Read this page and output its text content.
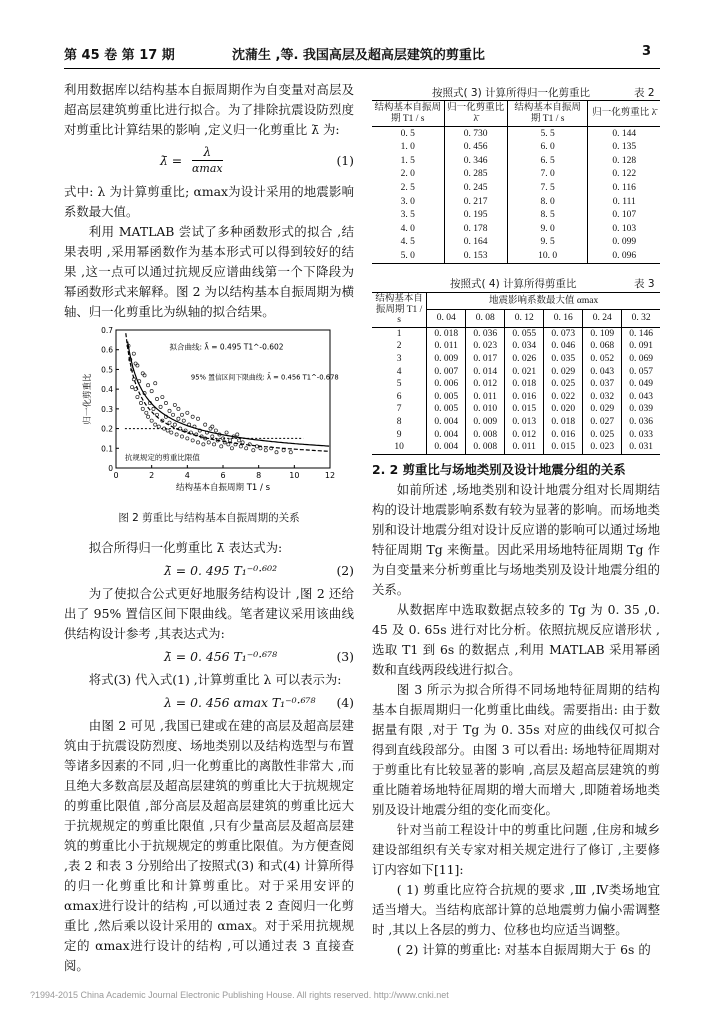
第 45 卷 第 17 期	沈蒲生 ,等. 我国高层及超高层建筑的剪重比	3

利用数据库以结构基本自振周期作为自变量对高层及超高层建筑剪重比进行拟合。为了排除抗震设防烈度对剪重比计算结果的影响 ,定义归一化剪重比 λ̄ 为:

λ̄ =
λ
αmax
(1)

式中: λ 为计算剪重比; αmax为设计采用的地震影响系数最大值。

利用 MATLAB 尝试了多种函数形式的拟合 ,结果表明 ,采用幂函数作为基本形式可以得到较好的结果 ,这一点可以通过抗规反应谱曲线第一个下降段为幂函数形式来解释。图 2 为以结构基本自振周期为横轴、归一化剪重比为纵轴的拟合结果。

0	2	4	6	8	10	12
0
0.1
0.2
0.3
0.4
0.5
0.6
0.7
结构基本自振周期 T1 / s
归一化剪重比
拟合曲线: λ̄ = 0.495 T1^-0.602
95% 置信区间下限曲线: λ̄ = 0.456 T1^-0.678
抗规规定的剪重比限值
图 2 剪重比与结构基本自振周期的关系

拟合所得归一化剪重比 λ̄ 表达式为:

λ̄ = 0. 495 T₁⁻⁰·⁶⁰²	(2)

为了使拟合公式更好地服务结构设计 ,图 2 还给出了 95% 置信区间下限曲线。笔者建议采用该曲线供结构设计参考 ,其表达式为:

λ̄ = 0. 456 T₁⁻⁰·⁶⁷⁸	(3)

将式(3) 代入式(1) ,计算剪重比 λ 可以表示为:

λ = 0. 456 αmax T₁⁻⁰·⁶⁷⁸ (4)

由图 2 可见 ,我国已建或在建的高层及超高层建筑由于抗震设防烈度、场地类别以及结构选型与布置等诸多因素的不同 ,归一化剪重比的离散性非常大 ,而且绝大多数高层及超高层建筑的剪重比大于抗规规定的剪重比限值 ,部分高层及超高层建筑的剪重比远大于抗规规定的剪重比限值 ,只有少量高层及超高层建筑的剪重比小于抗规规定的剪重比限值。为方便查阅 ,表 2 和表 3 分别给出了按照式(3) 和式(4) 计算所得的归一化剪重比和计算剪重比。对于采用安评的 αmax进行设计的结构 ,可以通过表 2 查阅归一化剪重比 ,然后乘以设计采用的 αmax。对于采用抗规规定的 αmax进行设计的结构 ,可以通过表 3 直接查阅。

按照式( 3) 计算所得归一化剪重比	表 2
结构基本自振周期 T1 / s	归一化剪重比 λ̄	结构基本自振周期 T1 / s	归一化剪重比 λ̄
0. 5	0. 730	5. 5	0. 144
1. 0	0. 456	6. 0	0. 135
1. 5	0. 346	6. 5	0. 128
2. 0	0. 285	7. 0	0. 122
2. 5	0. 245	7. 5	0. 116
3. 0	0. 217	8. 0	0. 111
3. 5	0. 195	8. 5	0. 107
4. 0	0. 178	9. 0	0. 103
4. 5	0. 164	9. 5	0. 099
5. 0	0. 153	10. 0	0. 096
按照式( 4) 计算所得剪重比	表 3
结构基本自振周期 T1 / s	地震影响系数最大值 αmax					
	0. 04	0. 08	0. 12	0. 16	0. 24	0. 32
1	0. 018	0. 036	0. 055	0. 073	0. 109	0. 146
2	0. 011	0. 023	0. 034	0. 046	0. 068	0. 091
3	0. 009	0. 017	0. 026	0. 035	0. 052	0. 069
4	0. 007	0. 014	0. 021	0. 029	0. 043	0. 057
5	0. 006	0. 012	0. 018	0. 025	0. 037	0. 049
6	0. 005	0. 011	0. 016	0. 022	0. 032	0. 043
7	0. 005	0. 010	0. 015	0. 020	0. 029	0. 039
8	0. 004	0. 009	0. 013	0. 018	0. 027	0. 036
9	0. 004	0. 008	0. 012	0. 016	0. 025	0. 033
10	0. 004	0. 008	0. 011	0. 015	0. 023	0. 031

2. 2 剪重比与场地类别及设计地震分组的关系

如前所述 ,场地类别和设计地震分组对长周期结构的设计地震影响系数有较为显著的影响。而场地类别和设计地震分组对设计反应谱的影响可以通过场地特征周期 Tg 来衡量。因此采用场地特征周期 Tg 作为自变量来分析剪重比与场地类别及设计地震分组的关系。

从数据库中选取数据点较多的 Tg 为 0. 35 ,0. 45 及 0. 65s 进行对比分析。依照抗规反应谱形状 ,选取 T1 到 6s 的数据点 ,利用 MATLAB 采用幂函数和直线两段线进行拟合。

图 3 所示为拟合所得不同场地特征周期的结构基本自振周期归一化剪重比曲线。需要指出: 由于数据量有限 ,对于 Tg 为 0. 35s 对应的曲线仅可拟合得到直线段部分。由图 3 可以看出: 场地特征周期对于剪重比有比较显著的影响 ,高层及超高层建筑的剪重比随着场地特征周期的增大而增大 ,即随着场地类别及设计地震分组的变化而变化。

针对当前工程设计中的剪重比问题 ,住房和城乡建设部组织有关专家对相关规定进行了修订 ,主要修订内容如下[11]:

( 1) 剪重比应符合抗规的要求 ,Ⅲ ,Ⅳ类场地宜适当增大。当结构底部计算的总地震剪力偏小需调整时 ,其以上各层的剪力、位移也均应适当调整。

( 2) 计算的剪重比: 对基本自振周期大于 6s 的

?1994-2015 China Academic Journal Electronic Publishing House. All rights reserved. http://www.cnki.net
